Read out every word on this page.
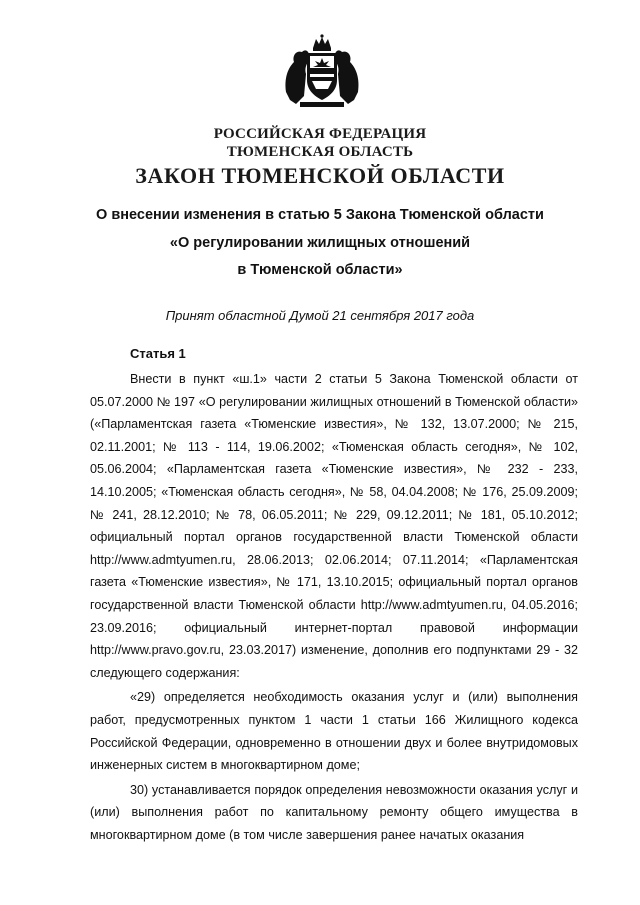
РОССИЙСКАЯ ФЕДЕРАЦИЯ
ТЮМЕНСКАЯ ОБЛАСТЬ
ЗАКОН ТЮМЕНСКОЙ ОБЛАСТИ
О внесении изменения в статью 5 Закона Тюменской области
«О регулировании жилищных отношений
в Тюменской области»
Принят областной Думой 21 сентября 2017 года
Статья 1

Внести в пункт «ш.1» части 2 статьи 5 Закона Тюменской области от 05.07.2000 № 197 «О регулировании жилищных отношений в Тюменской области» («Парламентская газета «Тюменские известия», № 132, 13.07.2000; № 215, 02.11.2001; № 113 - 114, 19.06.2002; «Тюменская область сегодня», № 102, 05.06.2004; «Парламентская газета «Тюменские известия», № 232 - 233, 14.10.2005; «Тюменская область сегодня», № 58, 04.04.2008; № 176, 25.09.2009; № 241, 28.12.2010; № 78, 06.05.2011; № 229, 09.12.2011; № 181, 05.10.2012; официальный портал органов государственной власти Тюменской области http://www.admtyumen.ru, 28.06.2013; 02.06.2014; 07.11.2014; «Парламентская газета «Тюменские известия», № 171, 13.10.2015; официальный портал органов государственной власти Тюменской области http://www.admtyumen.ru, 04.05.2016; 23.09.2016; официальный интернет-портал правовой информации http://www.pravo.gov.ru, 23.03.2017) изменение, дополнив его подпунктами 29 - 32 следующего содержания:

«29) определяется необходимость оказания услуг и (или) выполнения работ, предусмотренных пунктом 1 части 1 статьи 166 Жилищного кодекса Российской Федерации, одновременно в отношении двух и более внутридомовых инженерных систем в многоквартирном доме;

30) устанавливается порядок определения невозможности оказания услуг и (или) выполнения работ по капитальному ремонту общего имущества в многоквартирном доме (в том числе завершения ранее начатых оказания
